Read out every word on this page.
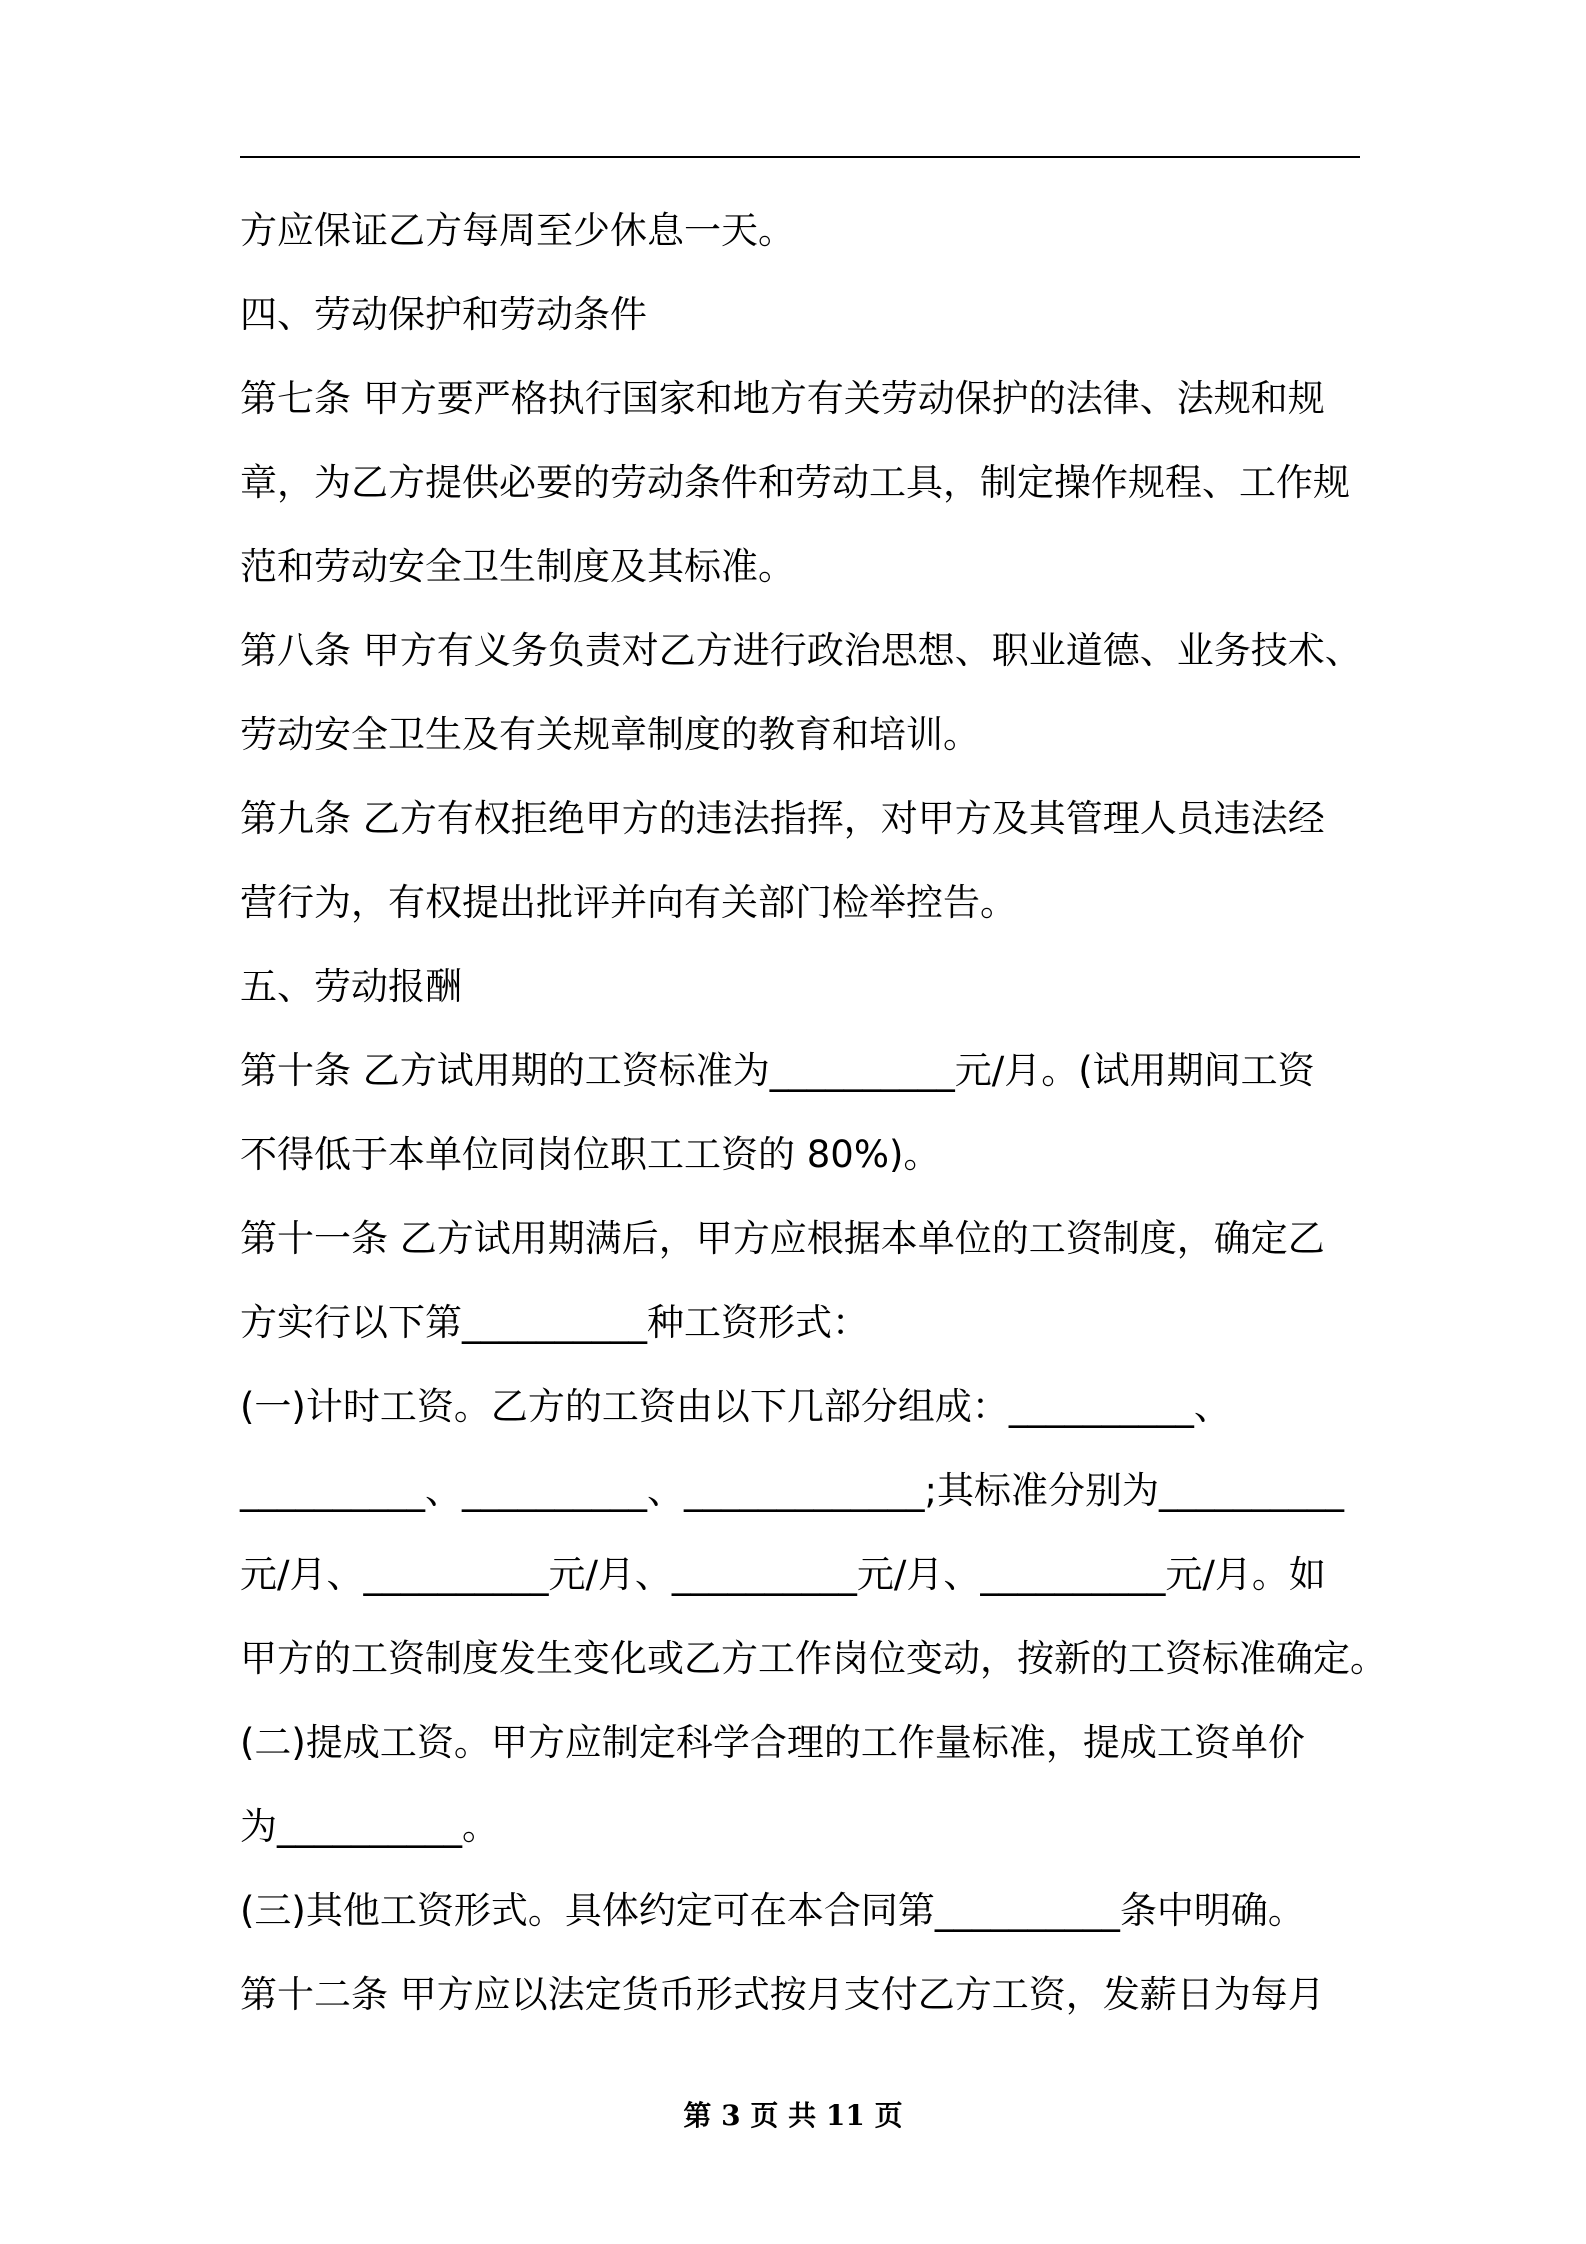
方应保证乙方每周至少休息一天。
四、劳动保护和劳动条件
第七条 甲方要严格执行国家和地方有关劳动保护的法律、法规和规
章，为乙方提供必要的劳动条件和劳动工具，制定操作规程、工作规
范和劳动安全卫生制度及其标准。
第八条 甲方有义务负责对乙方进行政治思想、职业道德、业务技术、
劳动安全卫生及有关规章制度的教育和培训。
第九条 乙方有权拒绝甲方的违法指挥，对甲方及其管理人员违法经
营行为，有权提出批评并向有关部门检举控告。
五、劳动报酬
第十条 乙方试用期的工资标准为__________元/月。(试用期间工资
不得低于本单位同岗位职工工资的 80%)。
第十一条 乙方试用期满后，甲方应根据本单位的工资制度，确定乙
方实行以下第__________种工资形式：
(一)计时工资。乙方的工资由以下几部分组成：__________、
__________、__________、_____________;其标准分别为__________
元/月、__________元/月、__________元/月、__________元/月。如
甲方的工资制度发生变化或乙方工作岗位变动，按新的工资标准确定。
(二)提成工资。甲方应制定科学合理的工作量标准，提成工资单价
为__________。
(三)其他工资形式。具体约定可在本合同第__________条中明确。
第十二条 甲方应以法定货币形式按月支付乙方工资，发薪日为每月
第 3 页 共 11 页
